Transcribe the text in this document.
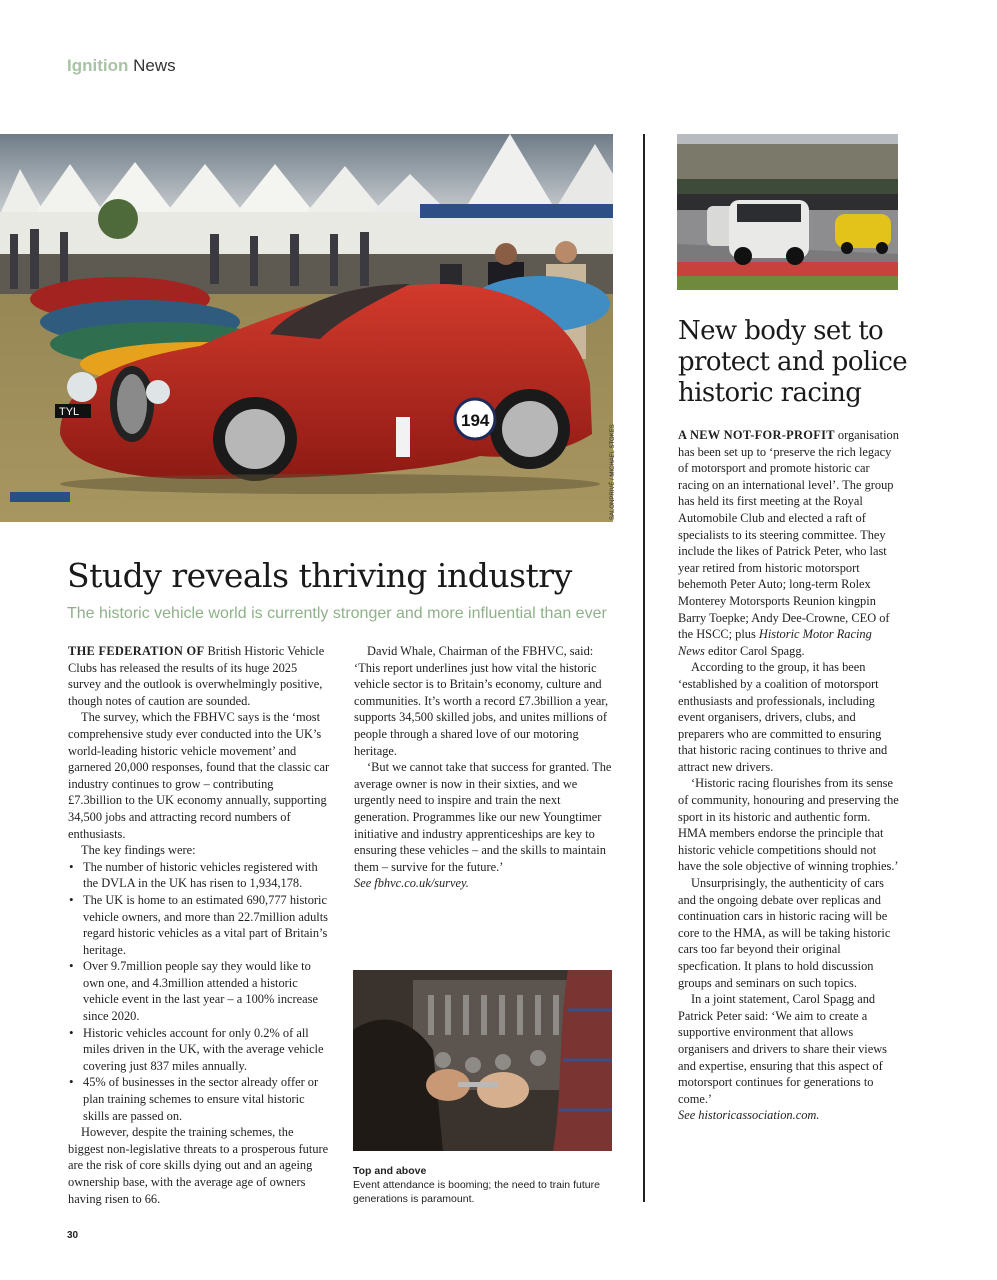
Ignition News
TYL	194
SALONPRIVÉ / MICHAEL STOKES
Study reveals thriving industry
The historic vehicle world is currently stronger and more influential than ever

THE FEDERATION OF British Historic Vehicle Clubs has released the results of its huge 2025 survey and the outlook is overwhelmingly positive, though notes of caution are sounded.

The survey, which the FBHVC says is the ‘most comprehensive study ever conducted into the UK’s world-leading historic vehicle movement’ and garnered 20,000 responses, found that the classic car industry continues to grow – contributing £7.3billion to the UK economy annually, supporting 34,500 jobs and attracting record numbers of enthusiasts.

The key findings were:

• The number of historic vehicles registered with the DVLA in the UK has risen to 1,934,178.
• The UK is home to an estimated 690,777 historic vehicle owners, and more than 22.7million adults regard historic vehicles as a vital part of Britain’s heritage.
• Over 9.7million people say they would like to own one, and 4.3million attended a historic vehicle event in the last year – a 100% increase since 2020.
• Historic vehicles account for only 0.2% of all miles driven in the UK, with the average vehicle covering just 837 miles annually.
• 45% of businesses in the sector already offer or plan training schemes to ensure vital historic skills are passed on.

However, despite the training schemes, the biggest non-legislative threats to a prosperous future are the risk of core skills dying out and an ageing ownership base, with the average age of owners having risen to 66.

David Whale, Chairman of the FBHVC, said: ‘This report underlines just how vital the historic vehicle sector is to Britain’s economy, culture and communities. It’s worth a record £7.3billion a year, supports 34,500 skilled jobs, and unites millions of people through a shared love of our motoring heritage.

‘But we cannot take that success for granted. The average owner is now in their sixties, and we urgently need to inspire and train the next generation. Programmes like our new Youngtimer initiative and industry apprenticeships are key to ensuring these vehicles – and the skills to maintain them – survive for the future.’

See fbhvc.co.uk/survey.

Top and above
Event attendance is booming; the need to train future generations is paramount.
New body set to protect and police historic racing

A NEW NOT-FOR-PROFIT organisation has been set up to ‘preserve the rich legacy of motorsport and promote historic car racing on an international level’. The group has held its first meeting at the Royal Automobile Club and elected a raft of specialists to its steering committee. They include the likes of Patrick Peter, who last year retired from historic motorsport behemoth Peter Auto; long-term Rolex Monterey Motorsports Reunion kingpin Barry Toepke; Andy Dee-Crowne, CEO of the HSCC; plus Historic Motor Racing News editor Carol Spagg.

According to the group, it has been ‘established by a coalition of motorsport enthusiasts and professionals, including event organisers, drivers, clubs, and preparers who are committed to ensuring that historic racing continues to thrive and attract new drivers.

‘Historic racing flourishes from its sense of community, honouring and preserving the sport in its historic and authentic form. HMA members endorse the principle that historic vehicle competitions should not have the sole objective of winning trophies.’

Unsurprisingly, the authenticity of cars and the ongoing debate over replicas and continuation cars in historic racing will be core to the HMA, as will be taking historic cars too far beyond their original specfication. It plans to hold discussion groups and seminars on such topics.

In a joint statement, Carol Spagg and Patrick Peter said: ‘We aim to create a supportive environment that allows organisers and drivers to share their views and expertise, ensuring that this aspect of motorsport continues for generations to come.’

See historicassociation.com.

30
